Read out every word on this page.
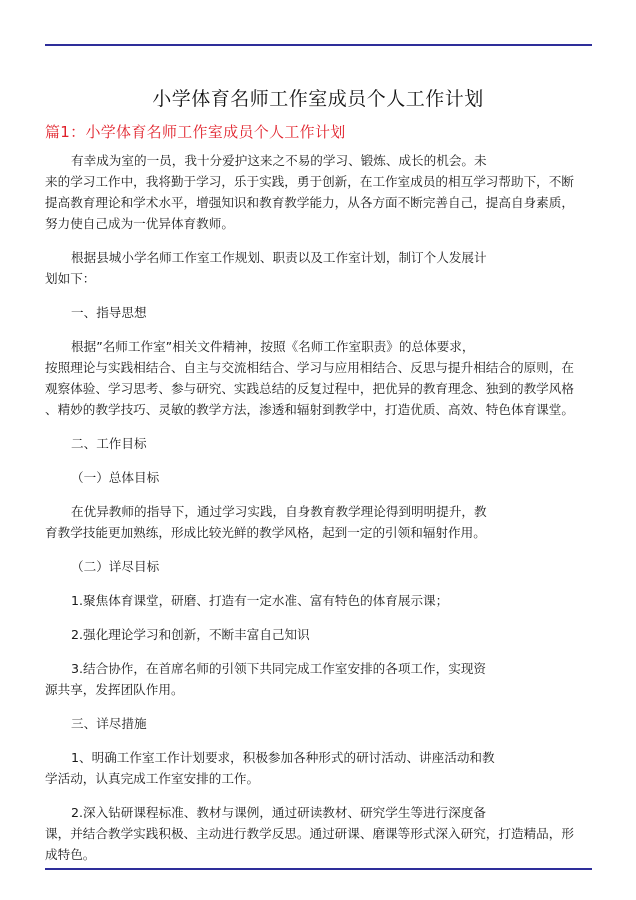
小学体育名师工作室成员个人工作计划
篇1：小学体育名师工作室成员个人工作计划
有幸成为室的一员，我十分爱护这来之不易的学习、锻炼、成长的机会。未
来的学习工作中，我将勤于学习，乐于实践，勇于创新，在工作室成员的相互学习帮助下，不断
提高教育理论和学术水平，增强知识和教育教学能力，从各方面不断完善自己，提高自身素质，
努力使自己成为一优异体育教师。
根据县城小学名师工作室工作规划、职责以及工作室计划，制订个人发展计
划如下：
一、指导思想
根据”名师工作室”相关文件精神，按照《名师工作室职责》的总体要求，
按照理论与实践相结合、自主与交流相结合、学习与应用相结合、反思与提升相结合的原则，在
观察体验、学习思考、参与研究、实践总结的反复过程中，把优异的教育理念、独到的教学风格
、精妙的教学技巧、灵敏的教学方法，渗透和辐射到教学中，打造优质、高效、特色体育课堂。
二、工作目标
（一）总体目标
在优异教师的指导下，通过学习实践，自身教育教学理论得到明明提升，教
育教学技能更加熟练，形成比较光鲜的教学风格，起到一定的引领和辐射作用。
（二）详尽目标
1.聚焦体育课堂，研磨、打造有一定水准、富有特色的体育展示课；
2.强化理论学习和创新，不断丰富自己知识
3.结合协作，在首席名师的引领下共同完成工作室安排的各项工作，实现资
源共享，发挥团队作用。
三、详尽措施
1、明确工作室工作计划要求，积极参加各种形式的研讨活动、讲座活动和教
学活动，认真完成工作室安排的工作。
2.深入钻研课程标准、教材与课例，通过研读教材、研究学生等进行深度备
课，并结合教学实践积极、主动进行教学反思。通过研课、磨课等形式深入研究，打造精品，形
成特色。
